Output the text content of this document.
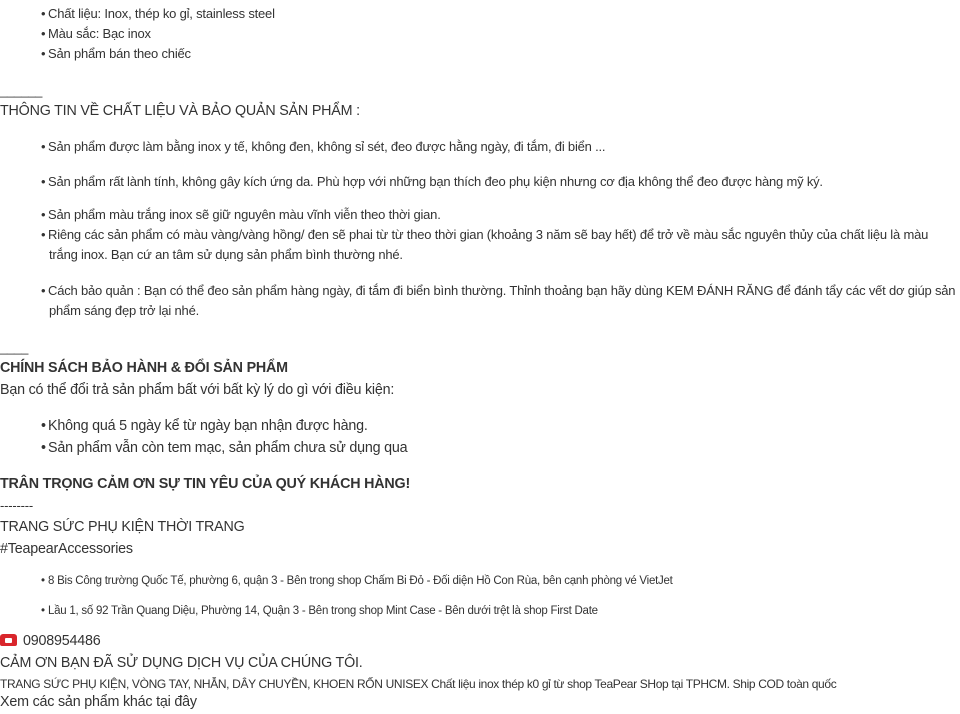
• Chất liệu: Inox, thép ko gỉ, stainless steel
• Màu sắc: Bạc inox
• Sản phẩm bán theo chiếc
______
THÔNG TIN VỀ CHẤT LIỆU VÀ BẢO QUẢN SẢN PHẨM :
• Sản phẩm được làm bằng inox y tế, không đen, không sỉ sét, đeo được hằng ngày, đi tắm, đi biển ...
• Sản phẩm rất lành tính, không gây kích ứng da. Phù hợp với những bạn thích đeo phụ kiện nhưng cơ địa không thể đeo được hàng mỹ ký.
• Sản phẩm màu trắng inox sẽ giữ nguyên màu vĩnh viễn theo thời gian.
• Riêng các sản phẩm có màu vàng/vàng hồng/ đen sẽ phai từ từ theo thời gian (khoảng 3 năm sẽ bay hết) để trở về màu sắc nguyên thủy của chất liệu là màu trắng inox. Bạn cứ an tâm sử dụng sản phẩm bình thường nhé.
• Cách bảo quản : Bạn có thể đeo sản phẩm hàng ngày, đi tắm đi biển bình thường. Thỉnh thoảng bạn hãy dùng KEM ĐÁNH RĂNG để đánh tẩy các vết dơ giúp sản phẩm sáng đẹp trở lại nhé.
____
CHÍNH SÁCH BẢO HÀNH & ĐỔI SẢN PHẨM
Bạn có thể đổi trả sản phẩm bất với bất kỳ lý do gì với điều kiện:
• Không quá 5 ngày kể từ ngày bạn nhận được hàng.
• Sản phẩm vẫn còn tem mạc, sản phẩm chưa sử dụng qua
TRÂN TRỌNG CẢM ƠN SỰ TIN YÊU CỦA QUÝ KHÁCH HÀNG!
--------
TRANG SỨC PHỤ KIỆN THỜI TRANG
#TeapearAccessories
• 8 Bis Công trường Quốc Tế, phường 6, quận 3 - Bên trong shop Chấm Bi Đỏ - Đối diện Hồ Con Rùa, bên cạnh phòng vé VietJet
• Lầu 1, số 92 Trần Quang Diệu, Phường 14, Quận 3 - Bên trong shop Mint Case - Bên dưới trệt là shop First Date
0908954486
CẢM ƠN BẠN ĐÃ SỬ DỤNG DỊCH VỤ CỦA CHÚNG TÔI.
TRANG SỨC PHỤ KIỆN, VÒNG TAY, NHẪN, DÂY CHUYỀN, KHOEN RỐN UNISEX Chất liệu inox thép k0 gỉ từ shop TeaPear SHop tại TPHCM. Ship COD toàn quốc
Xem các sản phẩm khác tại đây
